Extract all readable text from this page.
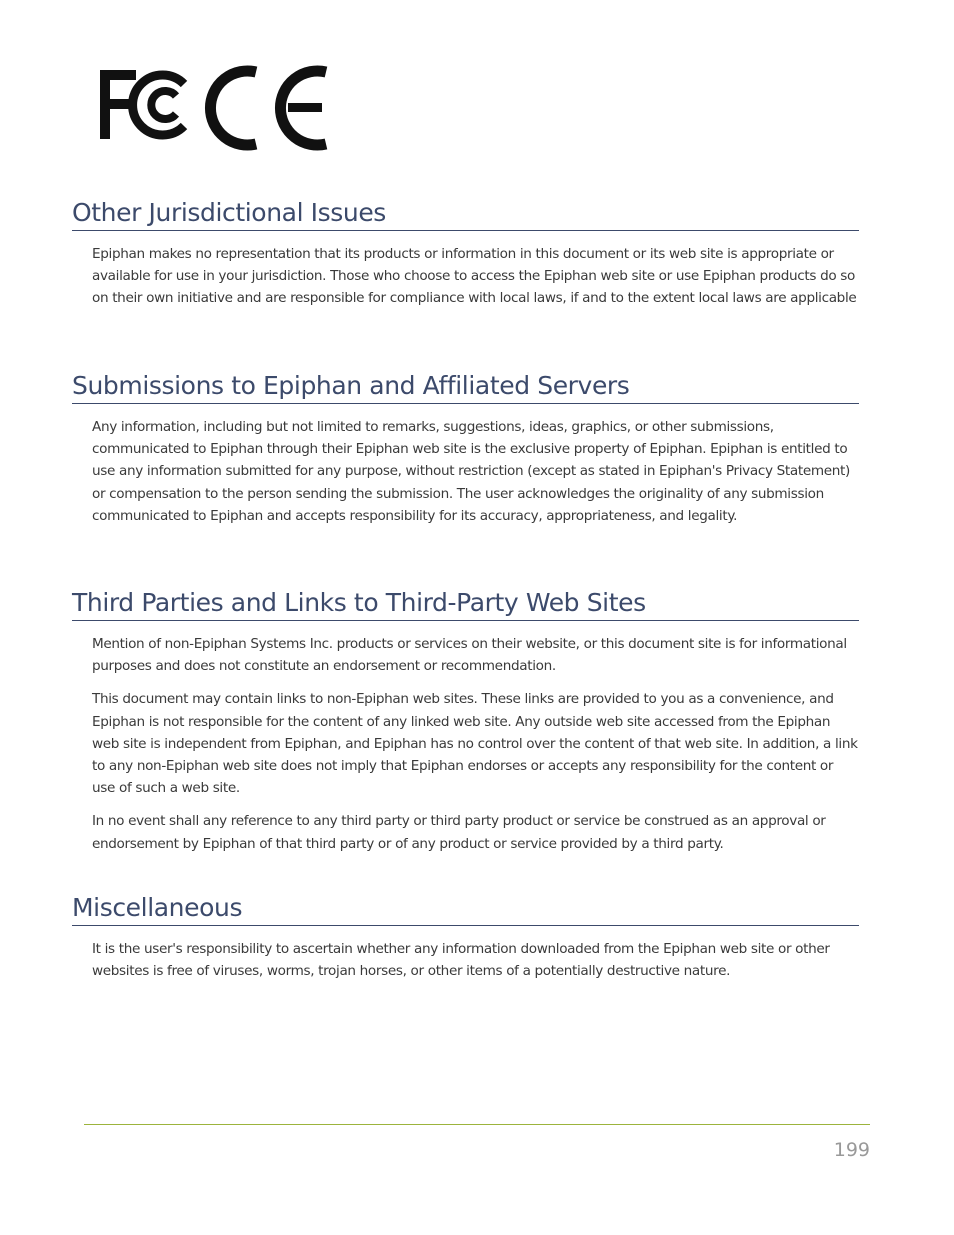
Other Jurisdictional Issues

Epiphan makes no representation that its products or information in this document or its web site is appropriate or available for use in your jurisdiction. Those who choose to access the Epiphan web site or use Epiphan products do so on their own initiative and are responsible for compliance with local laws, if and to the extent local laws are applicable

Submissions to Epiphan and Affiliated Servers

Any information, including but not limited to remarks, suggestions, ideas, graphics, or other submissions, communicated to Epiphan through their Epiphan web site is the exclusive property of Epiphan. Epiphan is entitled to use any information submitted for any purpose, without restriction (except as stated in Epiphan's Privacy Statement) or compensation to the person sending the submission. The user acknowledges the originality of any submission communicated to Epiphan and accepts responsibility for its accuracy, appropriateness, and legality.

Third Parties and Links to Third-Party Web Sites

Mention of non-Epiphan Systems Inc. products or services on their website, or this document site is for informational purposes and does not constitute an endorsement or recommendation.

This document may contain links to non-Epiphan web sites. These links are provided to you as a convenience, and Epiphan is not responsible for the content of any linked web site. Any outside web site accessed from the Epiphan web site is independent from Epiphan, and Epiphan has no control over the content of that web site. In addition, a link to any non-Epiphan web site does not imply that Epiphan endorses or accepts any responsibility for the content or use of such a web site.

In no event shall any reference to any third party or third party product or service be construed as an approval or endorsement by Epiphan of that third party or of any product or service provided by a third party.

Miscellaneous

It is the user's responsibility to ascertain whether any information downloaded from the Epiphan web site or other websites is free of viruses, worms, trojan horses, or other items of a potentially destructive nature.

199
